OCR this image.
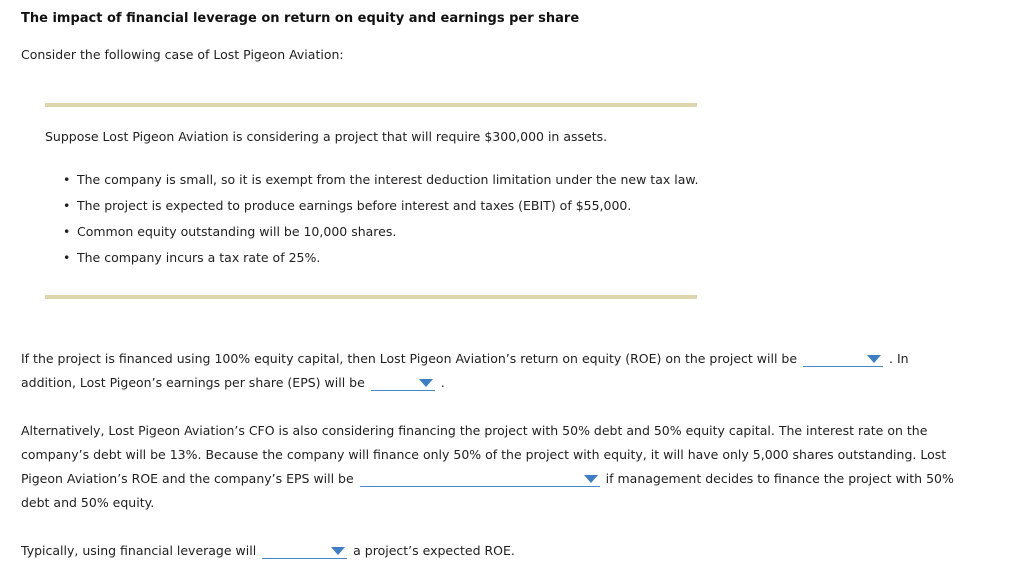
The impact of financial leverage on return on equity and earnings per share
Consider the following case of Lost Pigeon Aviation:
Suppose Lost Pigeon Aviation is considering a project that will require $300,000 in assets.
• The company is small, so it is exempt from the interest deduction limitation under the new tax law.
• The project is expected to produce earnings before interest and taxes (EBIT) of $55,000.
• Common equity outstanding will be 10,000 shares.
• The company incurs a tax rate of 25%.
If the project is financed using 100% equity capital, then Lost Pigeon Aviation’s return on equity (ROE) on the project will be	. In
addition, Lost Pigeon’s earnings per share (EPS) will be	.
Alternatively, Lost Pigeon Aviation’s CFO is also considering financing the project with 50% debt and 50% equity capital. The interest rate on the
company’s debt will be 13%. Because the company will finance only 50% of the project with equity, it will have only 5,000 shares outstanding. Lost
Pigeon Aviation’s ROE and the company’s EPS will be	if management decides to finance the project with 50%
debt and 50% equity.
Typically, using financial leverage will	a project’s expected ROE.
